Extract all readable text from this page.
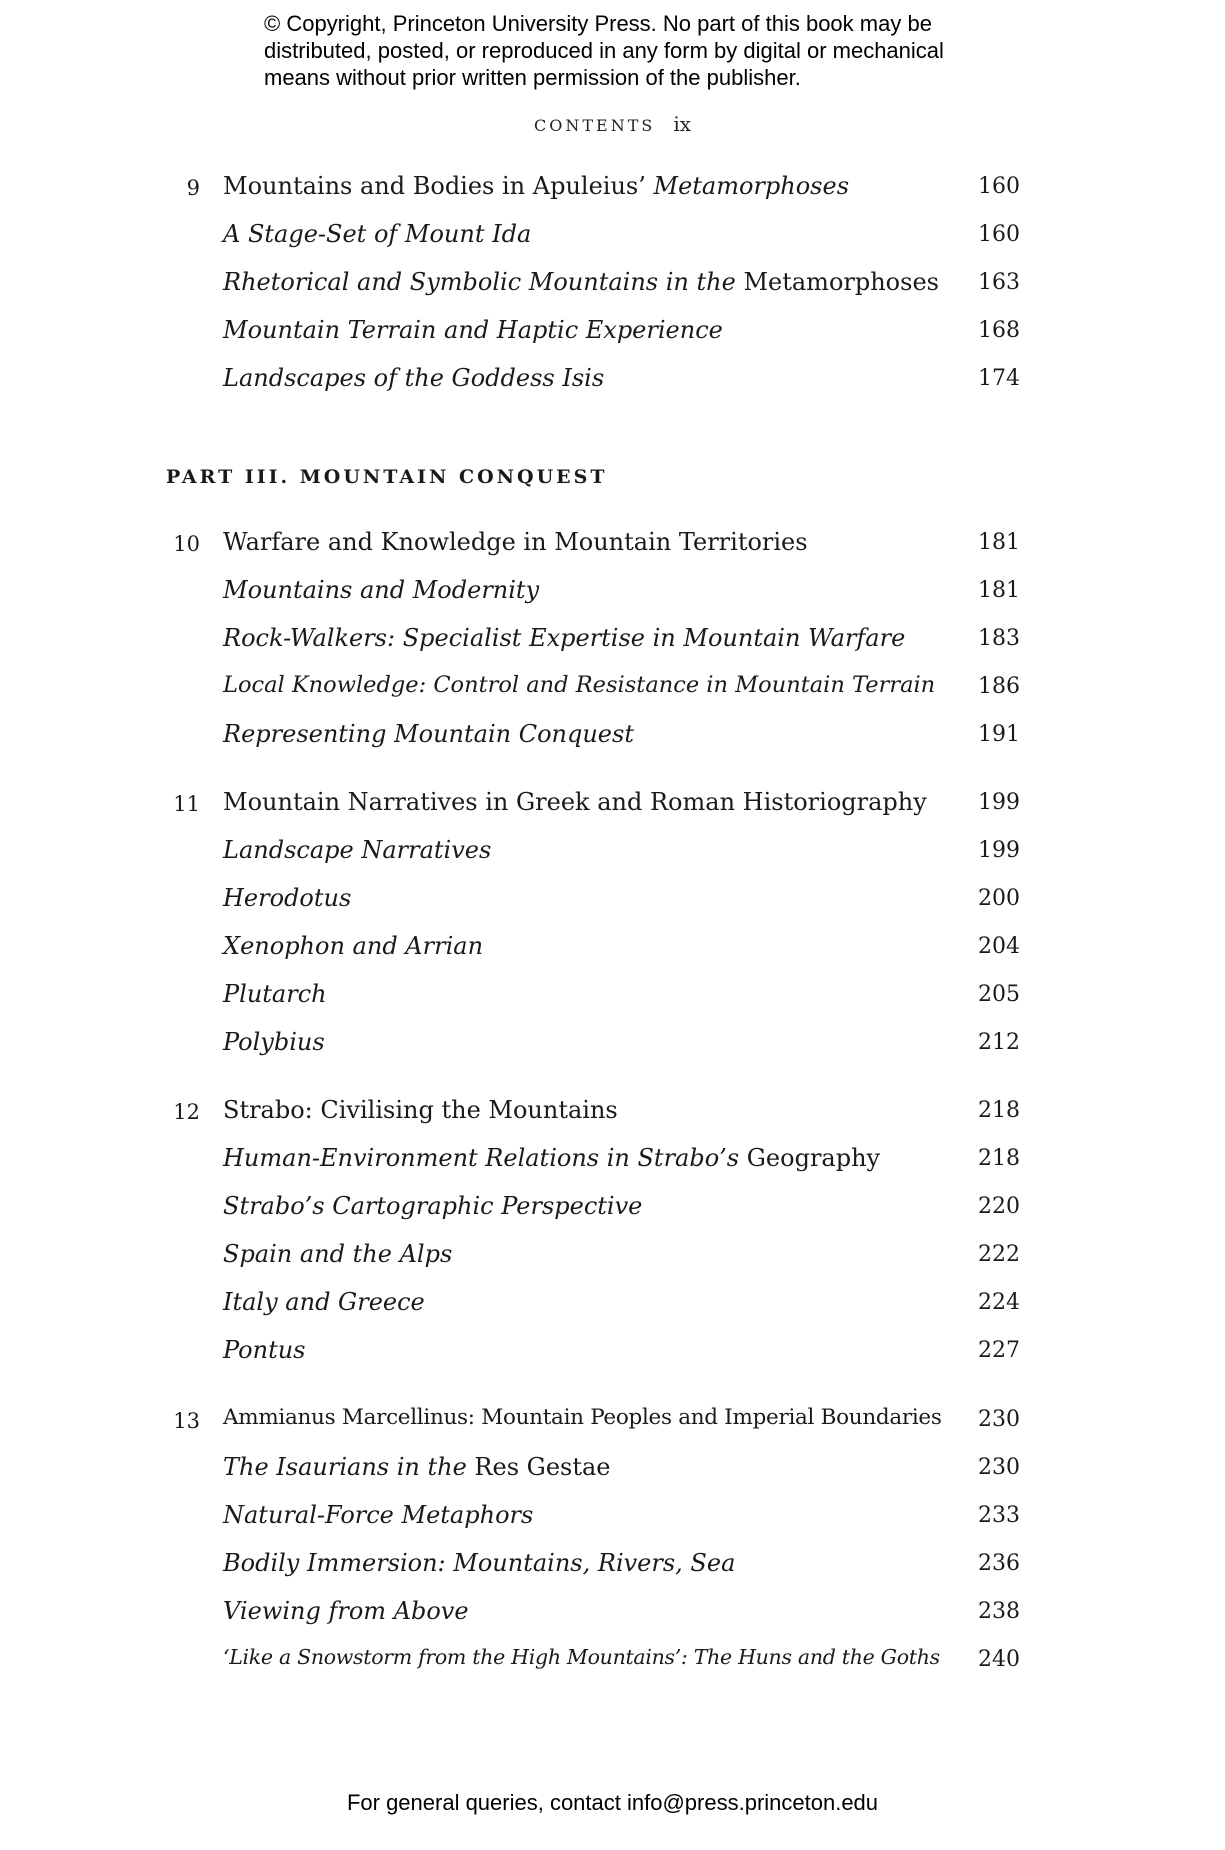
© Copyright, Princeton University Press. No part of this book may be
distributed, posted, or reproduced in any form by digital or mechanical
means without prior written permission of the publisher.
CONTENTS ix
9 Mountains and Bodies in Apuleius’ Metamorphoses	160
A Stage-Set of Mount Ida	160
Rhetorical and Symbolic Mountains in the Metamorphoses	163
Mountain Terrain and Haptic Experience	168
Landscapes of the Goddess Isis	174
PART III. MOUNTAIN CONQUEST
10 Warfare and Knowledge in Mountain Territories	181
Mountains and Modernity	181
Rock-Walkers: Specialist Expertise in Mountain Warfare	183
Local Knowledge: Control and Resistance in Mountain Terrain	186
Representing Mountain Conquest	191
11 Mountain Narratives in Greek and Roman Historiography	199
Landscape Narratives	199
Herodotus	200
Xenophon and Arrian	204
Plutarch	205
Polybius	212
12 Strabo: Civilising the Mountains	218
Human-Environment Relations in Strabo’s Geography	218
Strabo’s Cartographic Perspective	220
Spain and the Alps	222
Italy and Greece	224
Pontus	227
13 Ammianus Marcellinus: Mountain Peoples and Imperial Boundaries	230
The Isaurians in the Res Gestae	230
Natural-Force Metaphors	233
Bodily Immersion: Mountains, Rivers, Sea	236
Viewing from Above	238
‘Like a Snowstorm from the High Mountains’: The Huns and the Goths	240
For general queries, contact info@press.princeton.edu
